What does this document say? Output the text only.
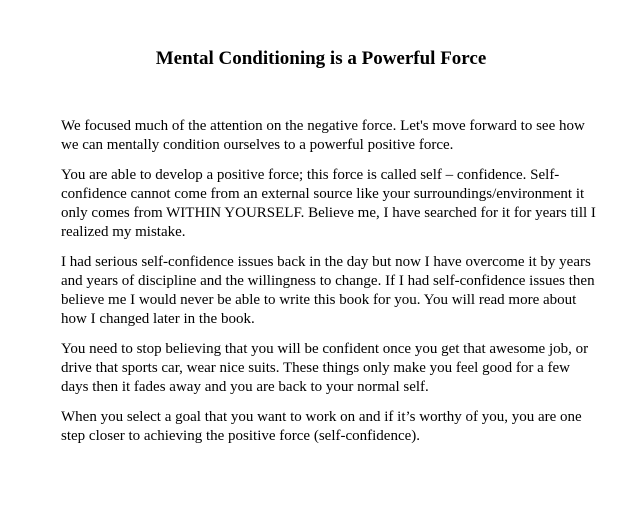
Mental Conditioning is a Powerful Force

We focused much of the attention on the negative force. Let's move forward to see how we can mentally condition ourselves to a powerful positive force.

You are able to develop a positive force; this force is called self – confidence. Self-confidence cannot come from an external source like your surroundings/environment it only comes from WITHIN YOURSELF. Believe me, I have searched for it for years till I realized my mistake.

I had serious self-confidence issues back in the day but now I have overcome it by years and years of discipline and the willingness to change. If I had self-confidence issues then believe me I would never be able to write this book for you. You will read more about how I changed later in the book.

You need to stop believing that you will be confident once you get that awesome job, or drive that sports car, wear nice suits. These things only make you feel good for a few days then it fades away and you are back to your normal self.

When you select a goal that you want to work on and if it’s worthy of you, you are one step closer to achieving the positive force (self-confidence).
